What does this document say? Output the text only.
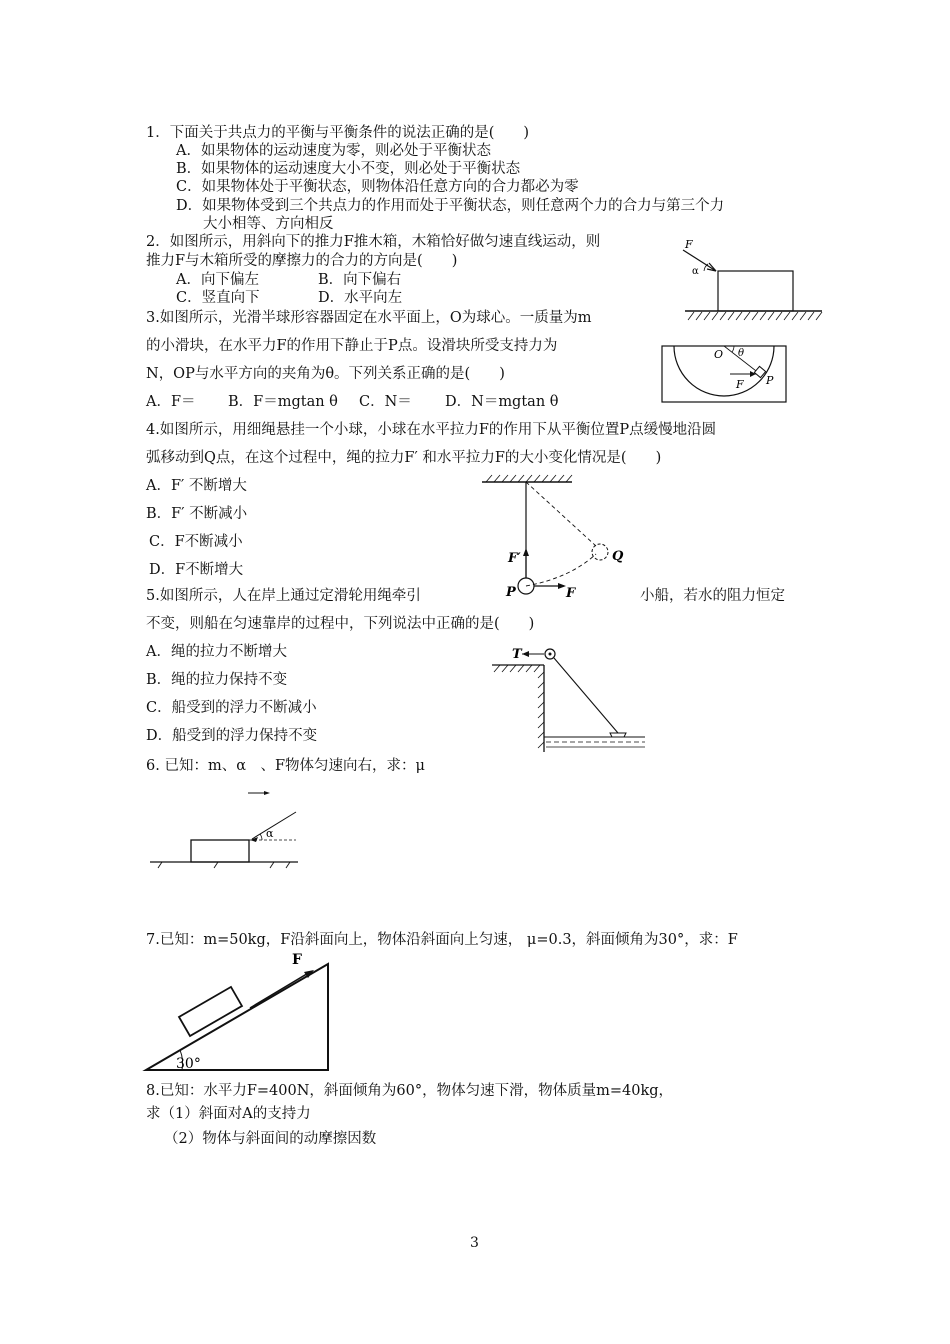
1．下面关于共点力的平衡与平衡条件的说法正确的是(　　)
A．如果物体的运动速度为零，则必处于平衡状态
B．如果物体的运动速度大小不变，则必处于平衡状态
C．如果物体处于平衡状态，则物体沿任意方向的合力都必为零
D．如果物体受到三个共点力的作用而处于平衡状态，则任意两个力的合力与第三个力
大小相等、方向相反
2．如图所示，用斜向下的推力F推木箱，木箱恰好做匀速直线运动，则
推力F与木箱所受的摩擦力的合力的方向是(　　)
A．向下偏左	B．向下偏右
C．竖直向下	D．水平向左
F
α
3.如图所示，光滑半球形容器固定在水平面上，O为球心。一质量为m
的小滑块，在水平力F的作用下静止于P点。设滑块所受支持力为
N，OP与水平方向的夹角为θ。下列关系正确的是(　　)
A．F＝ B．F＝mgtan θ C．N＝ D．N＝mgtan θ
O θ
F P
4.如图所示，用细绳悬挂一个小球，小球在水平拉力F的作用下从平衡位置P点缓慢地沿圆
弧移动到Q点，在这个过程中，绳的拉力F′ 和水平拉力F的大小变化情况是(　　)
A．F′ 不断增大
B．F′ 不断减小
C．F不断减小
D．F不断增大
F′	Q
P	F
5.如图所示，人在岸上通过定滑轮用绳牵引	小船，若水的阻力恒定
不变，则船在匀速靠岸的过程中，下列说法中正确的是(　　)
A．绳的拉力不断增大
B．绳的拉力保持不变
C．船受到的浮力不断减小
D．船受到的浮力保持不变
T
6. 已知：m、α　、F物体匀速向右，求：μ
α
7.已知：m=50kg，F沿斜面向上，物体沿斜面向上匀速， μ=0.3，斜面倾角为30°，求：F
30°
F
8.已知：水平力F=400N，斜面倾角为60°，物体匀速下滑，物体质量m=40kg，
求（1）斜面对A的支持力
（2）物体与斜面间的动摩擦因数
3
